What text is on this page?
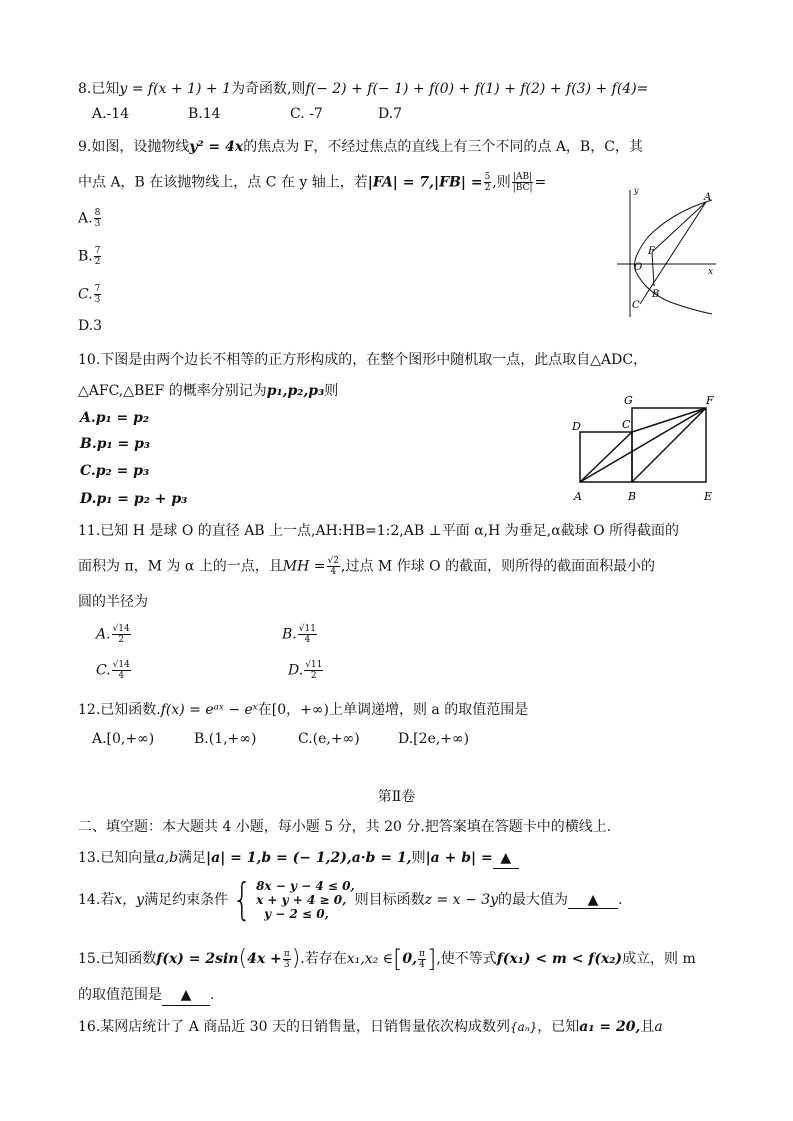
8.已知y = f(x + 1) + 1为奇函数,则f(− 2) + f(− 1) + f(0) + f(1) + f(2) + f(3) + f(4)=
A.-14	B.14	C. -7	D.7
9.如图，设抛物线y² = 4x的焦点为 F，不经过焦点的直线上有三个不同的点 A，B，C，其
中点 A，B 在该抛物线上，点 C 在 y 轴上，若$|FA| = 7,|FB| = \frac{5}{2}$ ,则 $\frac{|AB|}{|BC|}$ =
A. $\frac{8}{3}$
B. $\frac{7}{2}$
C. $\frac{7}{3}$
D.3
y
x
A
F
O
B
C
10.下图是由两个边长不相等的正方形构成的，在整个图形中随机取一点，此点取自△ADC，
△AFC,△BEF 的概率分别记为p₁,p₂,p₃则
A.p₁ = p₂
B.p₁ = p₃
C.p₂ = p₃
D.p₁ = p₂ + p₃
G	F
C
D
A	B	E
11.已知 H 是球 O 的直径 AB 上一点,AH:HB=1:2,AB ⊥平面 α,H 为垂足,α截球 O 所得截面的
面积为 π，M 为 α 上的一点，且MH = $\frac{√2}{4}$ ,过点 M 作球 O 的截面，则所得的截面面积最小的
圆的半径为
A. $\frac{√14}{2}$	B. $\frac{√11}{4}$
C. $\frac{√14}{4}$	D. $\frac{√11}{2}$
12.已知函数.f(x) = eᵃˣ − eˣ在[0，+∞)上单调递增，则 a 的取值范围是
A.[0,+∞)	B.(1,+∞)	C.(e,+∞)	D.[2e,+∞)
第Ⅱ卷
二、填空题：本大题共 4 小题，每小题 5 分，共 20 分.把答案填在答题卡中的横线上.
13.已知向量a,b满足|a| = 1,b = (− 1,2),a·b = 1,则|a + b| = ▲
14.若x，y满足约束条件{ 8x − y − 4 ≤ 0,
x + y + 4 ≥ 0,
y − 2 ≤ 0,
则目标函数z = x − 3y的最大值为 ▲ .
15.已知函数$f(x) = 2\sin(4x + \frac{\pi}{3}$ ).若存在x₁,x₂ ∈[0, $\frac{\pi}{4}$ ],使不等式f(x₁) < m < f(x₂)成立，则 m
的取值范围是 ▲ .
16.某网店统计了 A 商品近 30 天的日销售量，日销售量依次构成数列{aₙ}，已知a₁ = 20,且a
